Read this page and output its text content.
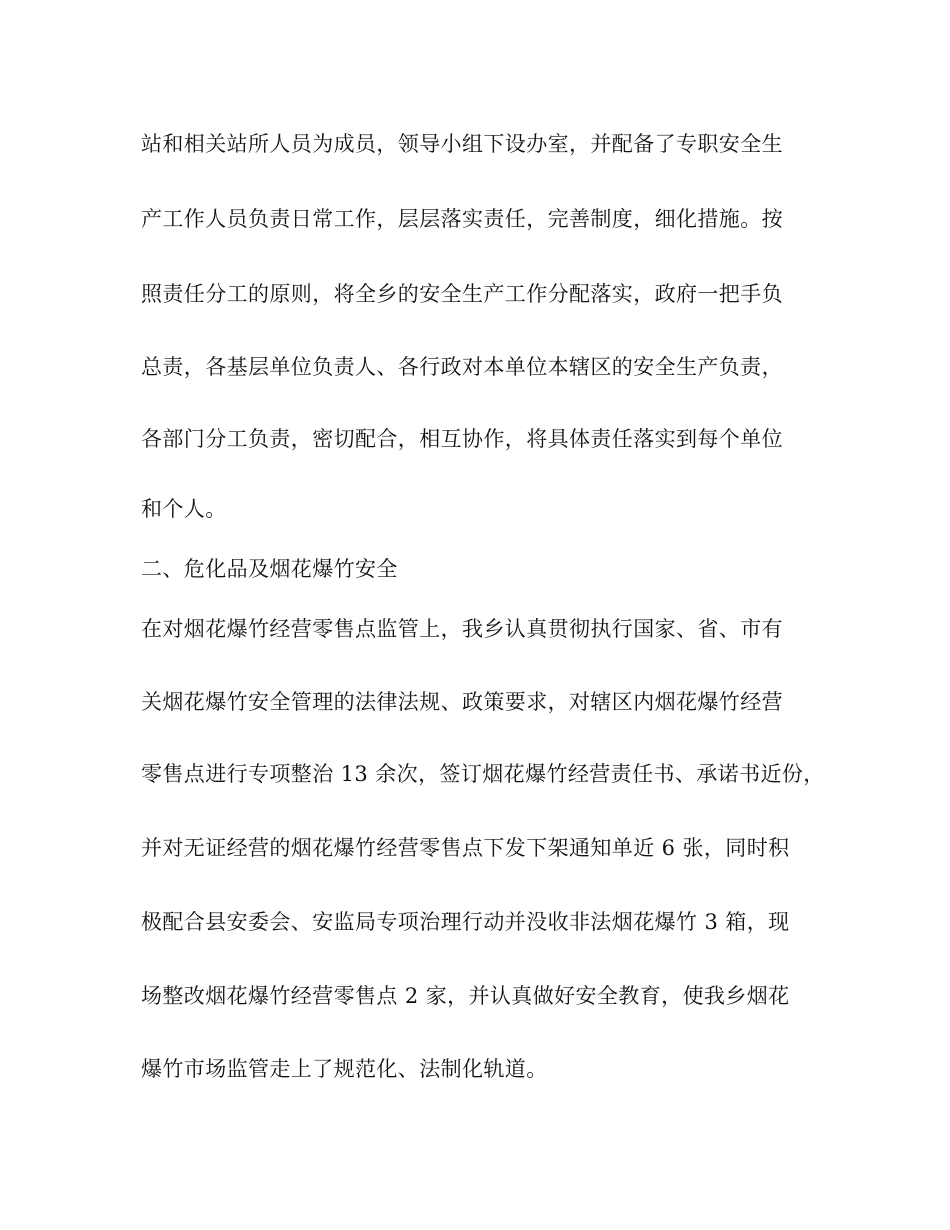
站和相关站所人员为成员，领导小组下设办室，并配备了专职安全生

产工作人员负责日常工作，层层落实责任，完善制度，细化措施。按

照责任分工的原则，将全乡的安全生产工作分配落实，政府一把手负

总责，各基层单位负责人、各行政对本单位本辖区的安全生产负责，

各部门分工负责，密切配合，相互协作，将具体责任落实到每个单位

和个人。

二、危化品及烟花爆竹安全

在对烟花爆竹经营零售点监管上，我乡认真贯彻执行国家、省、市有

关烟花爆竹安全管理的法律法规、政策要求，对辖区内烟花爆竹经营

零售点进行专项整治 13 余次，签订烟花爆竹经营责任书、承诺书近份，

并对无证经营的烟花爆竹经营零售点下发下架通知单近 6 张，同时积

极配合县安委会、安监局专项治理行动并没收非法烟花爆竹 3 箱，现

场整改烟花爆竹经营零售点 2 家，并认真做好安全教育，使我乡烟花

爆竹市场监管走上了规范化、法制化轨道。
